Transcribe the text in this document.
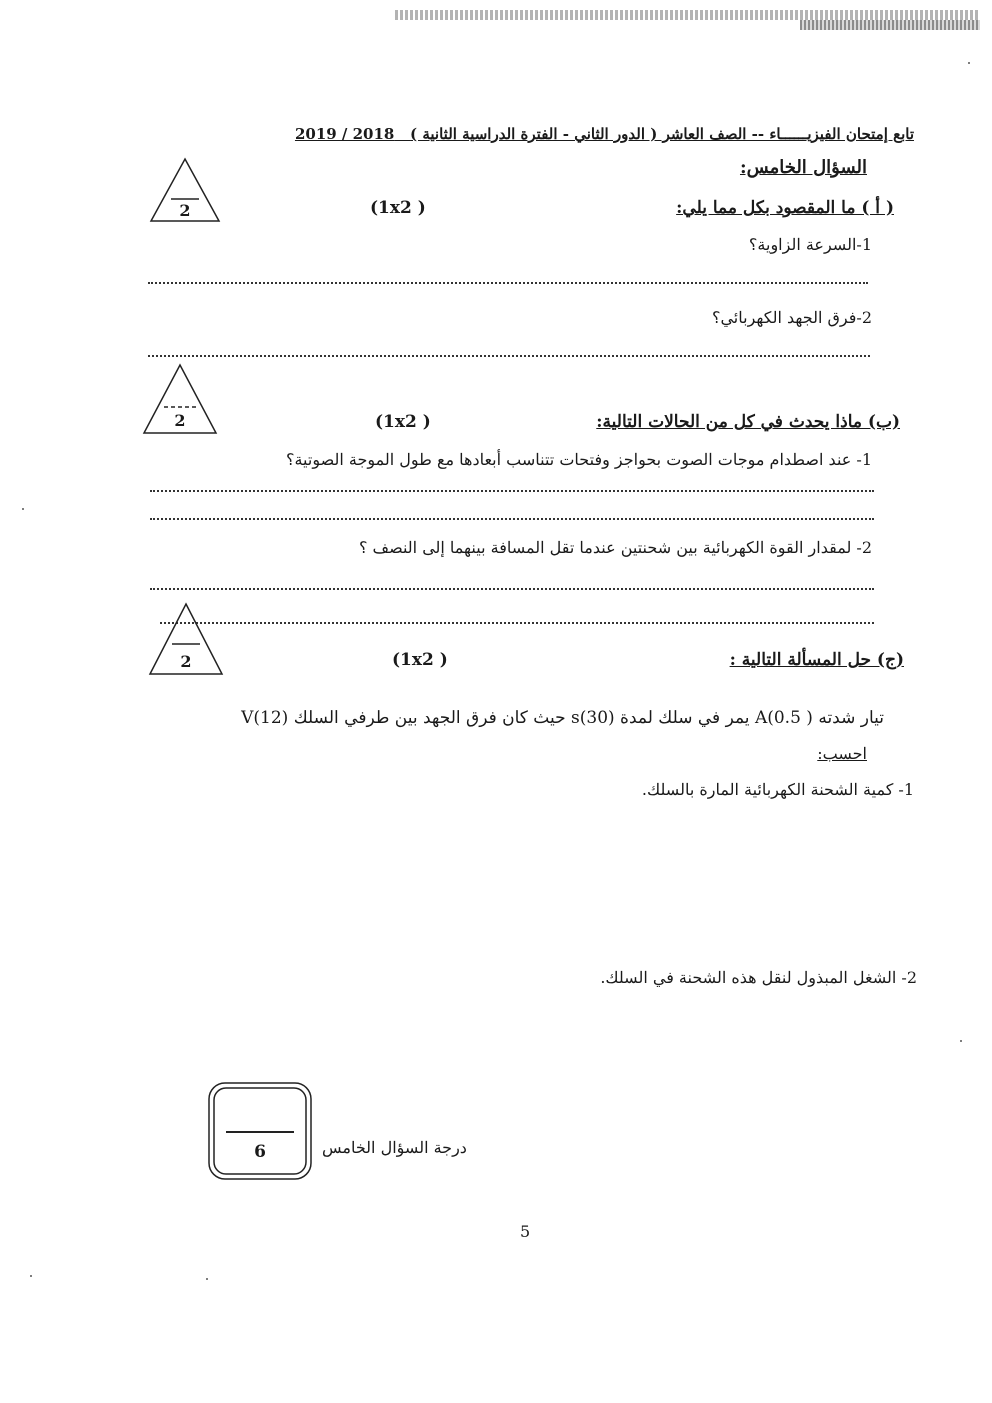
تابع إمتحان الفيزيــــــاء -- الصف العاشر ( الدور الثاني - الفترة الدراسية الثانية )   2019 / 2018
السؤال الخامس:
2	(1x2 )	( أ ) ما المقصود بكل مما يلي:
1-السرعة الزاوية؟
2-فرق الجهد الكهربائي؟
2	(1x2 )	(ب) ماذا يحدث في كل من الحالات التالية:
1- عند اصطدام موجات الصوت بحواجز وفتحات تتناسب أبعادها مع طول الموجة الصوتية؟
2- لمقدار القوة الكهربائية بين شحنتين عندما تقل المسافة بينهما إلى النصف ؟
2	(1x2 )	(ج) حل المسألة التالية :
تيار شدته A(0.5 ) يمر في سلك لمدة s(30) حيث كان فرق الجهد بين طرفي السلك V(12)
احسب:
1- كمية الشحنة الكهربائية المارة بالسلك.
2- الشغل المبذول لنقل هذه الشحنة في السلك.
6	درجة السؤال الخامس
5
